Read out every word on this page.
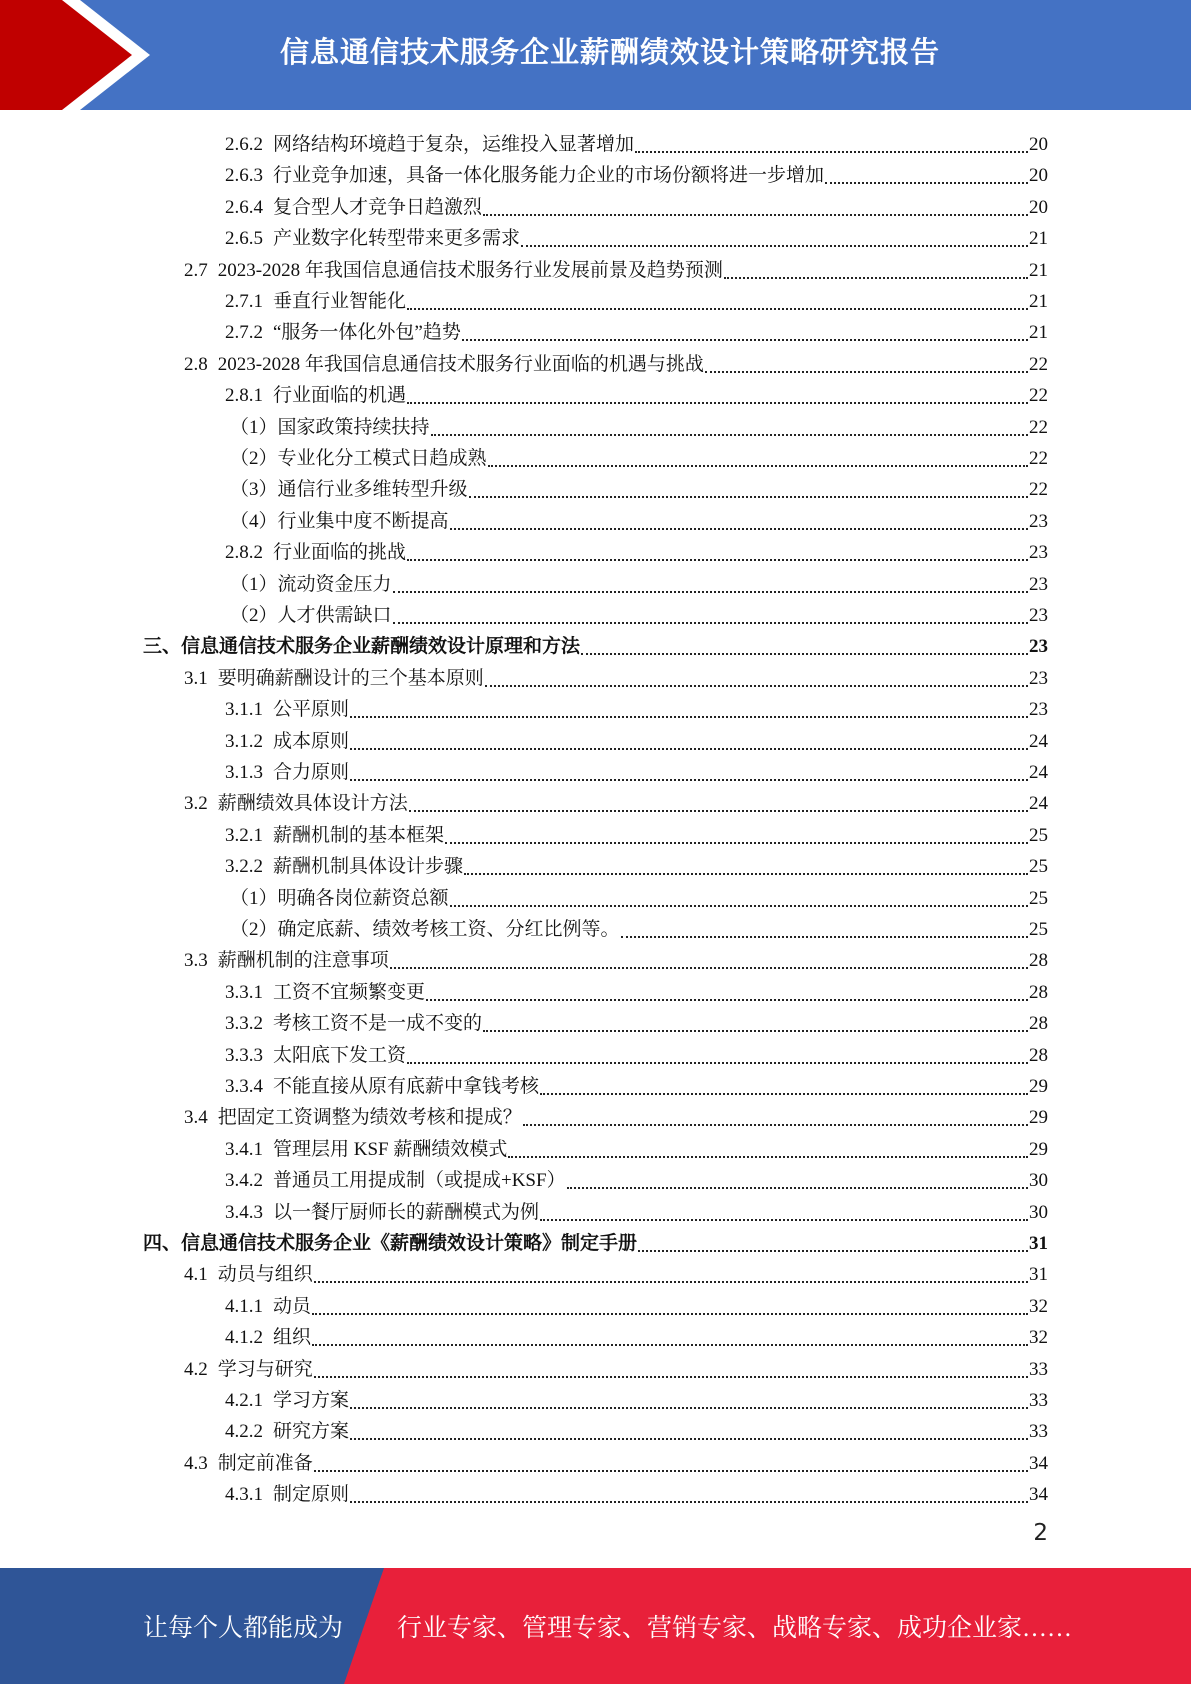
信息通信技术服务企业薪酬绩效设计策略研究报告
2.6.2 网络结构环境趋于复杂，运维投入显著增加	20
2.6.3 行业竞争加速，具备一体化服务能力企业的市场份额将进一步增加	20
2.6.4 复合型人才竞争日趋激烈	20
2.6.5 产业数字化转型带来更多需求	21
2.7 2023-2028 年我国信息通信技术服务行业发展前景及趋势预测	21
2.7.1 垂直行业智能化	21
2.7.2 “服务一体化外包”趋势	21
2.8 2023-2028 年我国信息通信技术服务行业面临的机遇与挑战	22
2.8.1 行业面临的机遇	22
（1） 国家政策持续扶持	22
（2） 专业化分工模式日趋成熟	22
（3） 通信行业多维转型升级	22
（4） 行业集中度不断提高	23
2.8.2 行业面临的挑战	23
（1） 流动资金压力	23
（2） 人才供需缺口	23
三、 信息通信技术服务企业薪酬绩效设计原理和方法	23
3.1 要明确薪酬设计的三个基本原则	23
3.1.1 公平原则	23
3.1.2 成本原则	24
3.1.3 合力原则	24
3.2 薪酬绩效具体设计方法	24
3.2.1 薪酬机制的基本框架	25
3.2.2 薪酬机制具体设计步骤	25
（1） 明确各岗位薪资总额	25
（2） 确定底薪、绩效考核工资、分红比例等。	25
3.3 薪酬机制的注意事项	28
3.3.1 工资不宜频繁变更	28
3.3.2 考核工资不是一成不变的	28
3.3.3 太阳底下发工资	28
3.3.4 不能直接从原有底薪中拿钱考核	29
3.4 把固定工资调整为绩效考核和提成？	29
3.4.1 管理层用 KSF 薪酬绩效模式	29
3.4.2 普通员工用提成制（或提成+KSF）	30
3.4.3 以一餐厅厨师长的薪酬模式为例	30
四、 信息通信技术服务企业《薪酬绩效设计策略》制定手册	31
4.1 动员与组织	31
4.1.1 动员	32
4.1.2 组织	32
4.2 学习与研究	33
4.2.1 学习方案	33
4.2.2 研究方案	33
4.3 制定前准备	34
4.3.1 制定原则	34
2
让每个人都能成为 行业专家、管理专家、营销专家、战略专家、成功企业家……
